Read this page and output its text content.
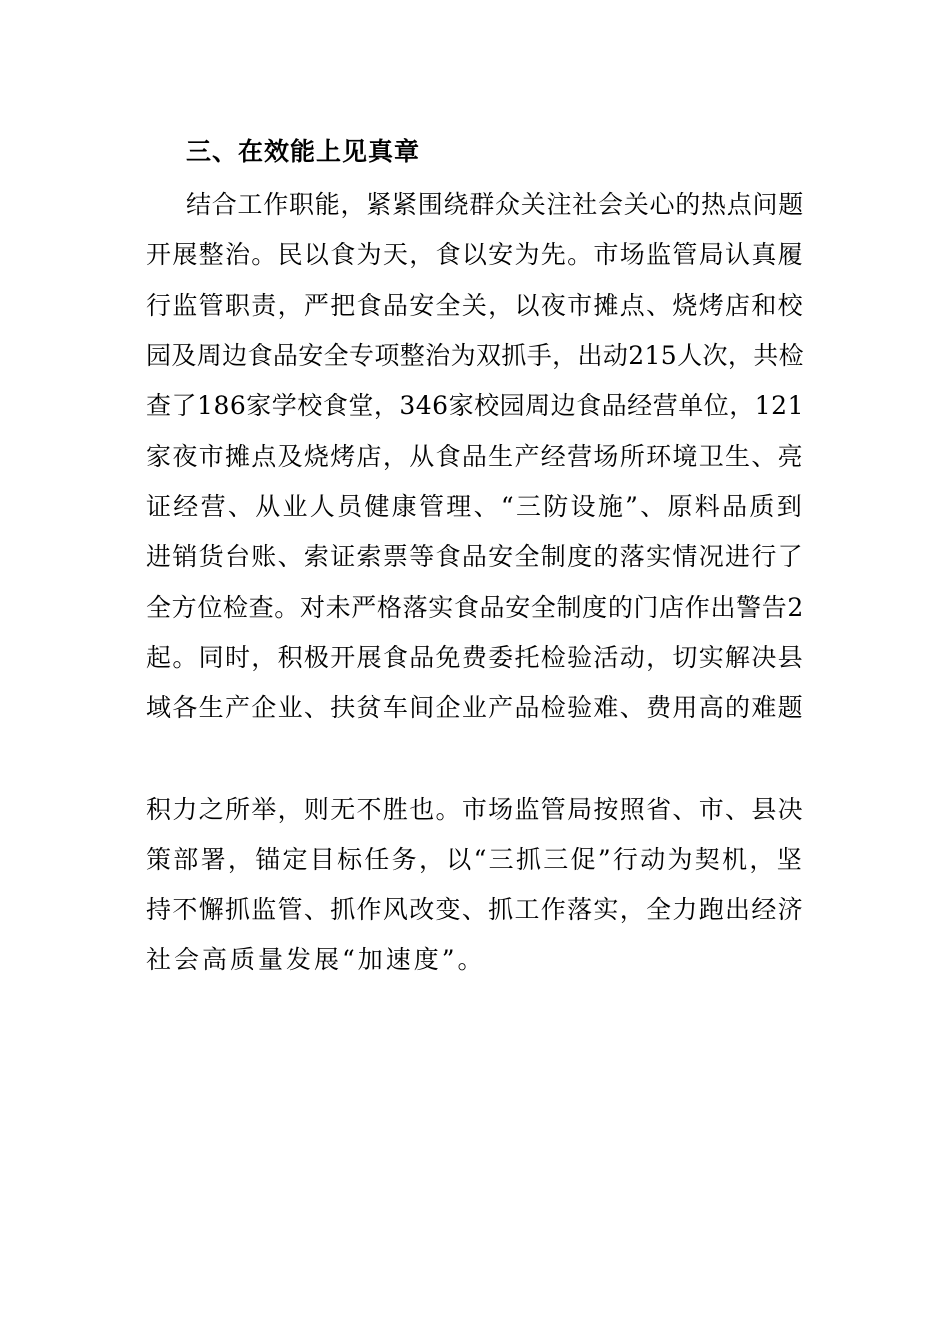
三、在效能上见真章
结合工作职能，紧紧围绕群众关注社会关心的热点问题
开展整治。民以食为天，食以安为先。市场监管局认真履
行监管职责，严把食品安全关，以夜市摊点、烧烤店和校
园及周边食品安全专项整治为双抓手，出动215人次，共检
查了186家学校食堂，346家校园周边食品经营单位，121
家夜市摊点及烧烤店，从食品生产经营场所环境卫生、亮
证经营、从业人员健康管理、“三防设施”、原料品质到
进销货台账、索证索票等食品安全制度的落实情况进行了
全方位检查。对未严格落实食品安全制度的门店作出警告2
起。同时，积极开展食品免费委托检验活动，切实解决县
域各生产企业、扶贫车间企业产品检验难、费用高的难题
积力之所举，则无不胜也。市场监管局按照省、市、县决
策部署，锚定目标任务，以“三抓三促”行动为契机，坚
持不懈抓监管、抓作风改变、抓工作落实，全力跑出经济
社会高质量发展“加速度”。
